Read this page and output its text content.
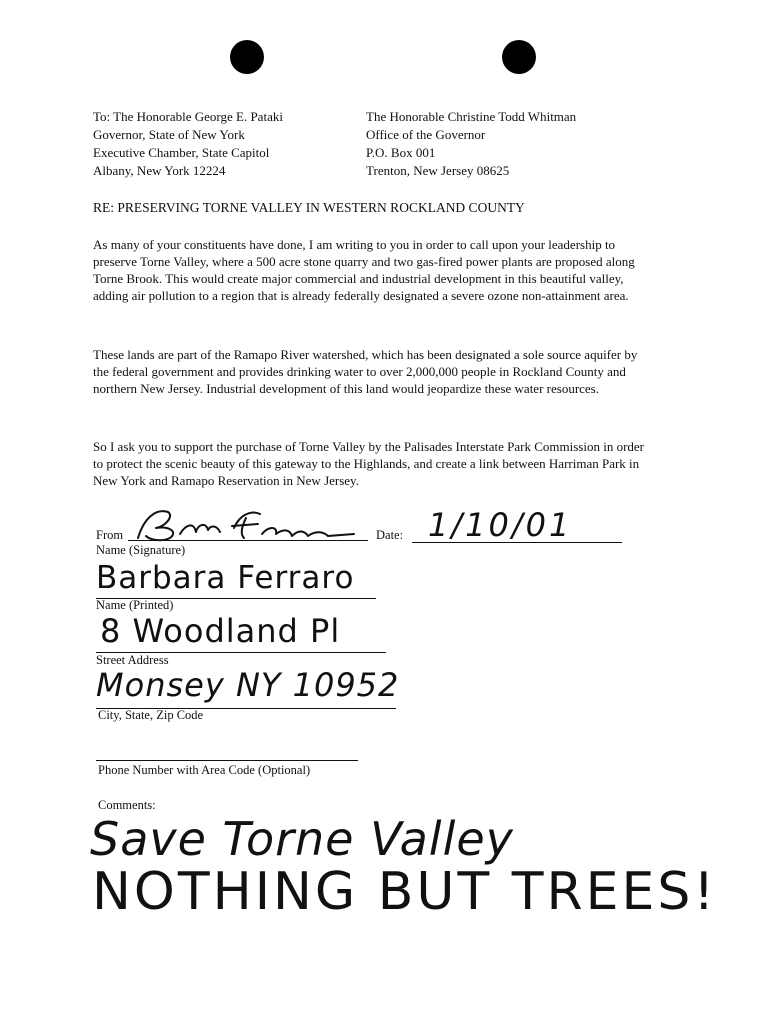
To: The Honorable George E. Pataki
Governor, State of New York
Executive Chamber, State Capitol
Albany, New York 12224
The Honorable Christine Todd Whitman
Office of the Governor
P.O. Box 001
Trenton, New Jersey 08625
RE: PRESERVING TORNE VALLEY IN WESTERN ROCKLAND COUNTY
As many of your constituents have done, I am writing to you in order to call upon your leadership to preserve Torne Valley, where a 500 acre stone quarry and two gas-fired power plants are proposed along Torne Brook. This would create major commercial and industrial development in this beautiful valley, adding air pollution to a region that is already federally designated a severe ozone non-attainment area.
These lands are part of the Ramapo River watershed, which has been designated a sole source aquifer by the federal government and provides drinking water to over 2,000,000 people in Rockland County and northern New Jersey. Industrial development of this land would jeopardize these water resources.
So I ask you to support the purchase of Torne Valley by the Palisades Interstate Park Commission in order to protect the scenic beauty of this gateway to the Highlands, and create a link between Harriman Park in New York and Ramapo Reservation in New Jersey.
From
Name (Signature)
Date: 1/10/01
Barbara Ferraro
Name (Printed)
8 Woodland Pl
Street Address
Monsey NY 10952
City, State, Zip Code
Phone Number with Area Code (Optional)
Comments:
Save Torne Valley
NOTHING BUT TREES!
